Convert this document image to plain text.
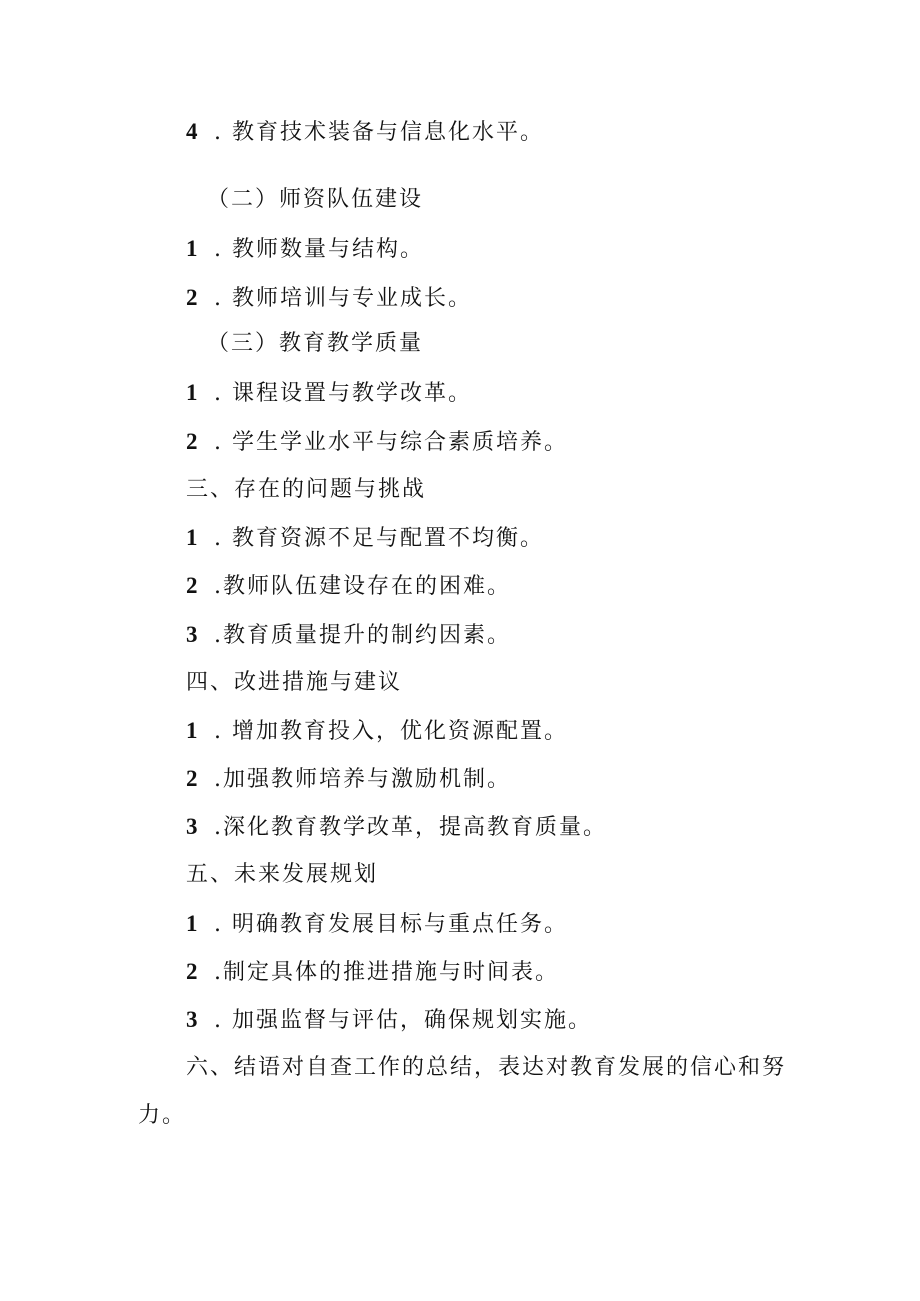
4 . 教育技术装备与信息化水平。
（二）师资队伍建设
1 . 教师数量与结构。
2 . 教师培训与专业成长。
（三）教育教学质量
1 . 课程设置与教学改革。
2 . 学生学业水平与综合素质培养。
三、存在的问题与挑战
1 . 教育资源不足与配置不均衡。
2 .教师队伍建设存在的困难。
3 .教育质量提升的制约因素。
四、改进措施与建议
1 . 增加教育投入，优化资源配置。
2 .加强教师培养与激励机制。
3 .深化教育教学改革，提高教育质量。
五、未来发展规划
1 . 明确教育发展目标与重点任务。
2 .制定具体的推进措施与时间表。
3 . 加强监督与评估，确保规划实施。
六、结语对自查工作的总结，表达对教育发展的信心和努
力。
